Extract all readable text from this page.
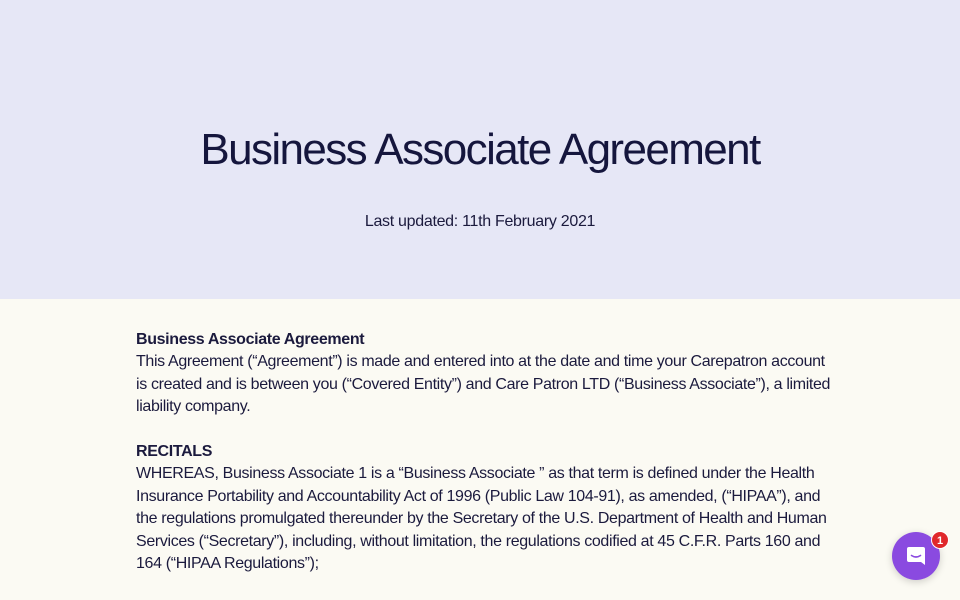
Business Associate Agreement
Last updated: 11th February 2021

Business Associate Agreement

This Agreement (“Agreement”) is made and entered into at the date and time your Carepatron account is created and is between you (“Covered Entity”) and Care Patron LTD (“Business Associate”), a limited liability company.

RECITALS

WHEREAS, Business Associate 1 is a “Business Associate ” as that term is defined under the Health Insurance Portability and Accountability Act of 1996 (Public Law 104-91), as amended, (“HIPAA”), and the regulations promulgated thereunder by the Secretary of the U.S. Department of Health and Human Services (“Secretary”), including, without limitation, the regulations codified at 45 C.F.R. Parts 160 and 164 (“HIPAA Regulations”);

1
